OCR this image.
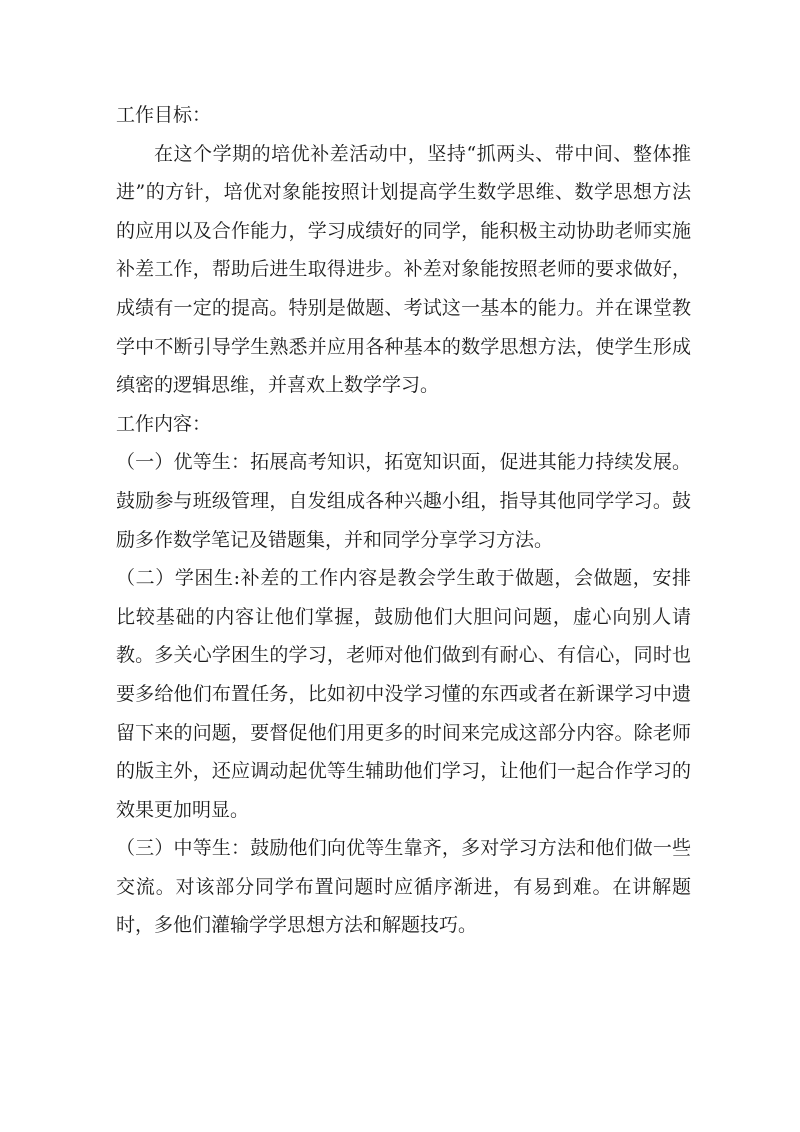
工作目标：

在这个学期的培优补差活动中，坚持“抓两头、带中间、整体推进”的方针，培优对象能按照计划提高学生数学思维、数学思想方法的应用以及合作能力，学习成绩好的同学，能积极主动协助老师实施补差工作，帮助后进生取得进步。补差对象能按照老师的要求做好，成绩有一定的提高。特别是做题、考试这一基本的能力。并在课堂教学中不断引导学生熟悉并应用各种基本的数学思想方法，使学生形成缜密的逻辑思维，并喜欢上数学学习。

工作内容：

（一）优等生：拓展高考知识，拓宽知识面，促进其能力持续发展。鼓励参与班级管理，自发组成各种兴趣小组，指导其他同学学习。鼓励多作数学笔记及错题集，并和同学分享学习方法。

（二）学困生:补差的工作内容是教会学生敢于做题，会做题，安排比较基础的内容让他们掌握，鼓励他们大胆问问题，虚心向别人请教。多关心学困生的学习，老师对他们做到有耐心、有信心，同时也要多给他们布置任务，比如初中没学习懂的东西或者在新课学习中遗留下来的问题，要督促他们用更多的时间来完成这部分内容。除老师的版主外，还应调动起优等生辅助他们学习，让他们一起合作学习的效果更加明显。

（三）中等生：鼓励他们向优等生靠齐，多对学习方法和他们做一些交流。对该部分同学布置问题时应循序渐进，有易到难。在讲解题时，多他们灌输学学思想方法和解题技巧。
